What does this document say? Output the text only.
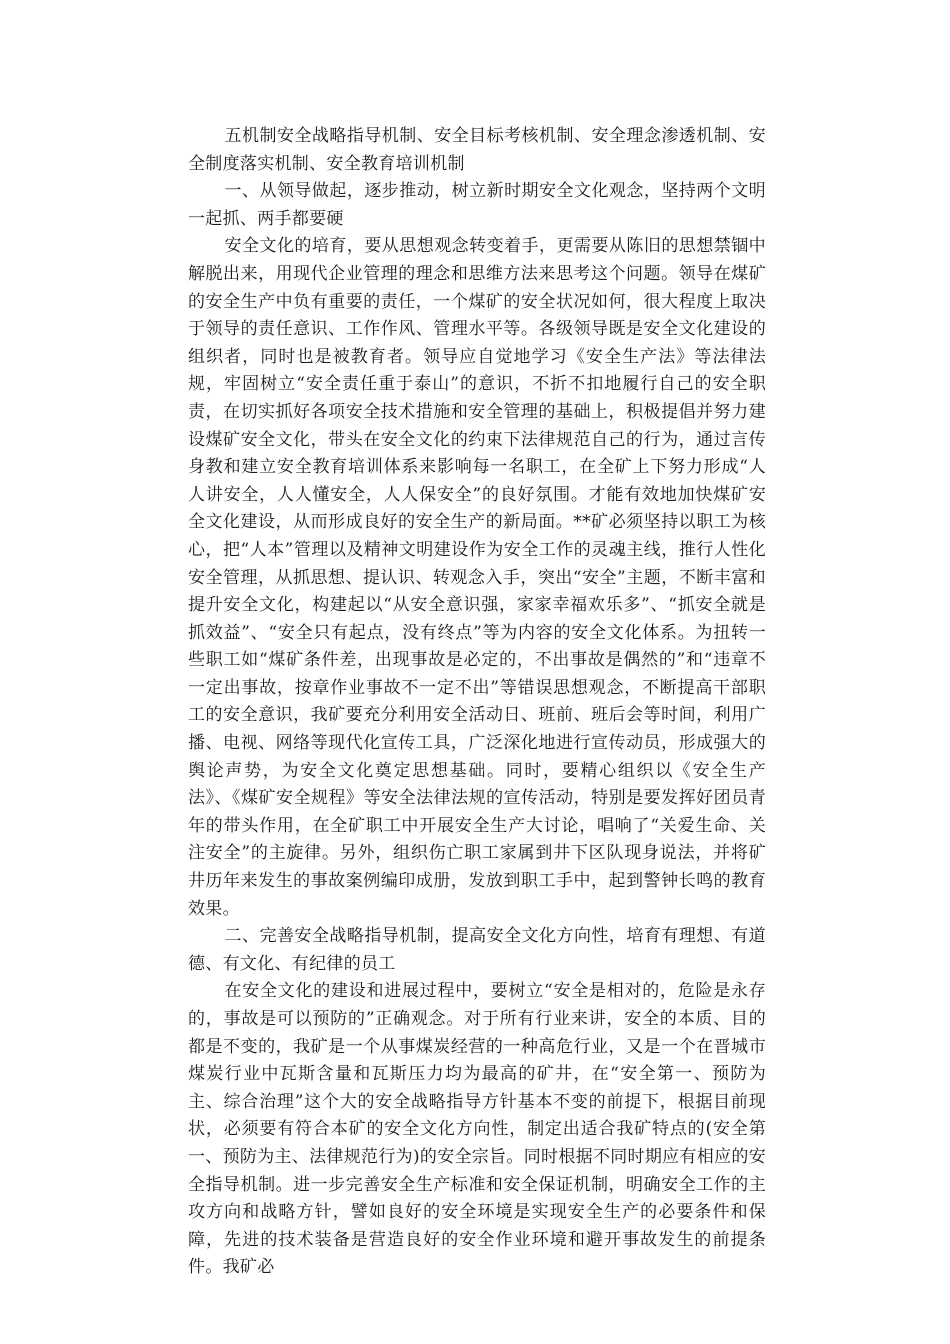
五机制安全战略指导机制、安全目标考核机制、安全理念渗透机制、安全制度落实机制、安全教育培训机制

一、从领导做起，逐步推动，树立新时期安全文化观念，坚持两个文明一起抓、两手都要硬

安全文化的培育，要从思想观念转变着手，更需要从陈旧的思想禁锢中解脱出来，用现代企业管理的理念和思维方法来思考这个问题。领导在煤矿的安全生产中负有重要的责任，一个煤矿的安全状况如何，很大程度上取决于领导的责任意识、工作作风、管理水平等。各级领导既是安全文化建设的组织者，同时也是被教育者。领导应自觉地学习《安全生产法》等法律法规，牢固树立“安全责任重于泰山”的意识，不折不扣地履行自己的安全职责，在切实抓好各项安全技术措施和安全管理的基础上，积极提倡并努力建设煤矿安全文化，带头在安全文化的约束下法律规范自己的行为，通过言传身教和建立安全教育培训体系来影响每一名职工，在全矿上下努力形成“人人讲安全，人人懂安全，人人保安全”的良好氛围。才能有效地加快煤矿安全文化建设，从而形成良好的安全生产的新局面。**矿必须坚持以职工为核心，把“人本”管理以及精神文明建设作为安全工作的灵魂主线，推行人性化安全管理，从抓思想、提认识、转观念入手，突出“安全”主题，不断丰富和提升安全文化，构建起以“从安全意识强，家家幸福欢乐多”、“抓安全就是抓效益”、“安全只有起点，没有终点”等为内容的安全文化体系。为扭转一些职工如“煤矿条件差，出现事故是必定的，不出事故是偶然的”和“违章不一定出事故，按章作业事故不一定不出”等错误思想观念，不断提高干部职工的安全意识，我矿要充分利用安全活动日、班前、班后会等时间，利用广播、电视、网络等现代化宣传工具，广泛深化地进行宣传动员，形成强大的舆论声势，为安全文化奠定思想基础。同时，要精心组织以《安全生产法》、《煤矿安全规程》等安全法律法规的宣传活动，特别是要发挥好团员青年的带头作用，在全矿职工中开展安全生产大讨论，唱响了“关爱生命、关注安全”的主旋律。另外，组织伤亡职工家属到井下区队现身说法，并将矿井历年来发生的事故案例编印成册，发放到职工手中，起到警钟长鸣的教育效果。

二、完善安全战略指导机制，提高安全文化方向性，培育有理想、有道德、有文化、有纪律的员工

在安全文化的建设和进展过程中，要树立“安全是相对的，危险是永存的，事故是可以预防的”正确观念。对于所有行业来讲，安全的本质、目的都是不变的，我矿是一个从事煤炭经营的一种高危行业，又是一个在晋城市煤炭行业中瓦斯含量和瓦斯压力均为最高的矿井，在“安全第一、预防为主、综合治理”这个大的安全战略指导方针基本不变的前提下，根据目前现状，必须要有符合本矿的安全文化方向性，制定出适合我矿特点的(安全第一、预防为主、法律规范行为)的安全宗旨。同时根据不同时期应有相应的安全指导机制。进一步完善安全生产标准和安全保证机制，明确安全工作的主攻方向和战略方针，譬如良好的安全环境是实现安全生产的必要条件和保障，先进的技术装备是营造良好的安全作业环境和避开事故发生的前提条件。我矿必
